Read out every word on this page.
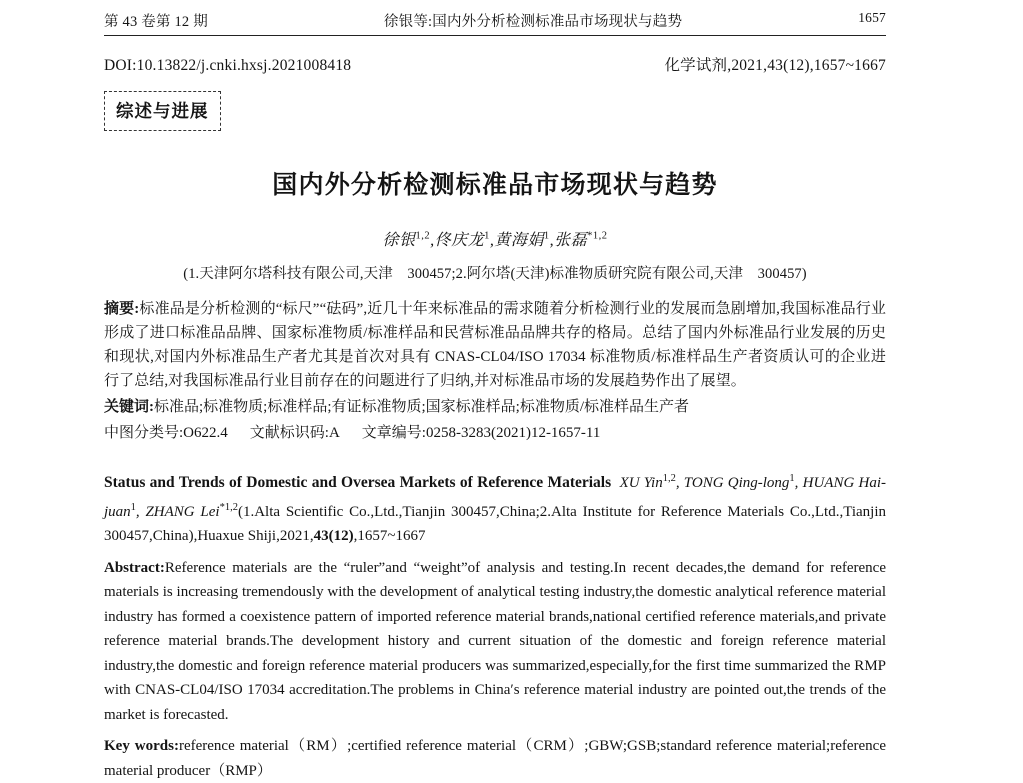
第 43 卷第 12 期	徐银等:国内外分析检测标准品市场现状与趋势	1657
DOI:10.13822/j.cnki.hxsj.2021008418	化学试剂,2021,43(12),1657~1667
综述与进展
国内外分析检测标准品市场现状与趋势
徐银$^{1,2}$,佟庆龙$^1$,黄海娟$^1$,张磊$^{*1,2}$
(1.天津阿尔塔科技有限公司,天津　300457;2.阿尔塔(天津)标准物质研究院有限公司,天津　300457)
摘要:标准品是分析检测的“标尺”“砝码”,近几十年来标准品的需求随着分析检测行业的发展而急剧增加,我国标准品行业形成了进口标准品品牌、国家标准物质/标准样品和民营标准品品牌共存的格局。总结了国内外标准品行业发展的历史和现状,对国内外标准品生产者尤其是首次对具有 CNAS-CL04/ISO 17034 标准物质/标准样品生产者资质认可的企业进行了总结,对我国标准品行业目前存在的问题进行了归纳,并对标准品市场的发展趋势作出了展望。
关键词:标准品;标准物质;标准样品;有证标准物质;国家标准样品;标准物质/标准样品生产者
中图分类号:O622.4 文献标识码:A 文章编号:0258-3283(2021)12-1657-11
Status and Trends of Domestic and Oversea Markets of Reference Materials XU Yin$^{1,2}$, TONG Qing-long$^1$, HUANG Hai-juan$^1$, ZHANG Lei$^{*1,2}$(1.Alta Scientific Co.,Ltd.,Tianjin 300457,China;2.Alta Institute for Reference Materials Co.,Ltd.,Tianjin 300457,China),Huaxue Shiji,2021,43(12),1657~1667
Abstract:Reference materials are the “ruler”and “weight”of analysis and testing.In recent decades,the demand for reference materials is increasing tremendously with the development of analytical testing industry,the domestic analytical reference material industry has formed a coexistence pattern of imported reference material brands,national certified reference materials,and private reference material brands.The development history and current situation of the domestic and foreign reference material industry,the domestic and foreign reference material producers was summarized,especially,for the first time summarized the RMP with CNAS-CL04/ISO 17034 accreditation.The problems in China′s reference material industry are pointed out,the trends of the market is forecasted.
Key words:reference material（RM）;certified reference material（CRM）;GBW;GSB;standard reference material;reference material producer（RMP）
